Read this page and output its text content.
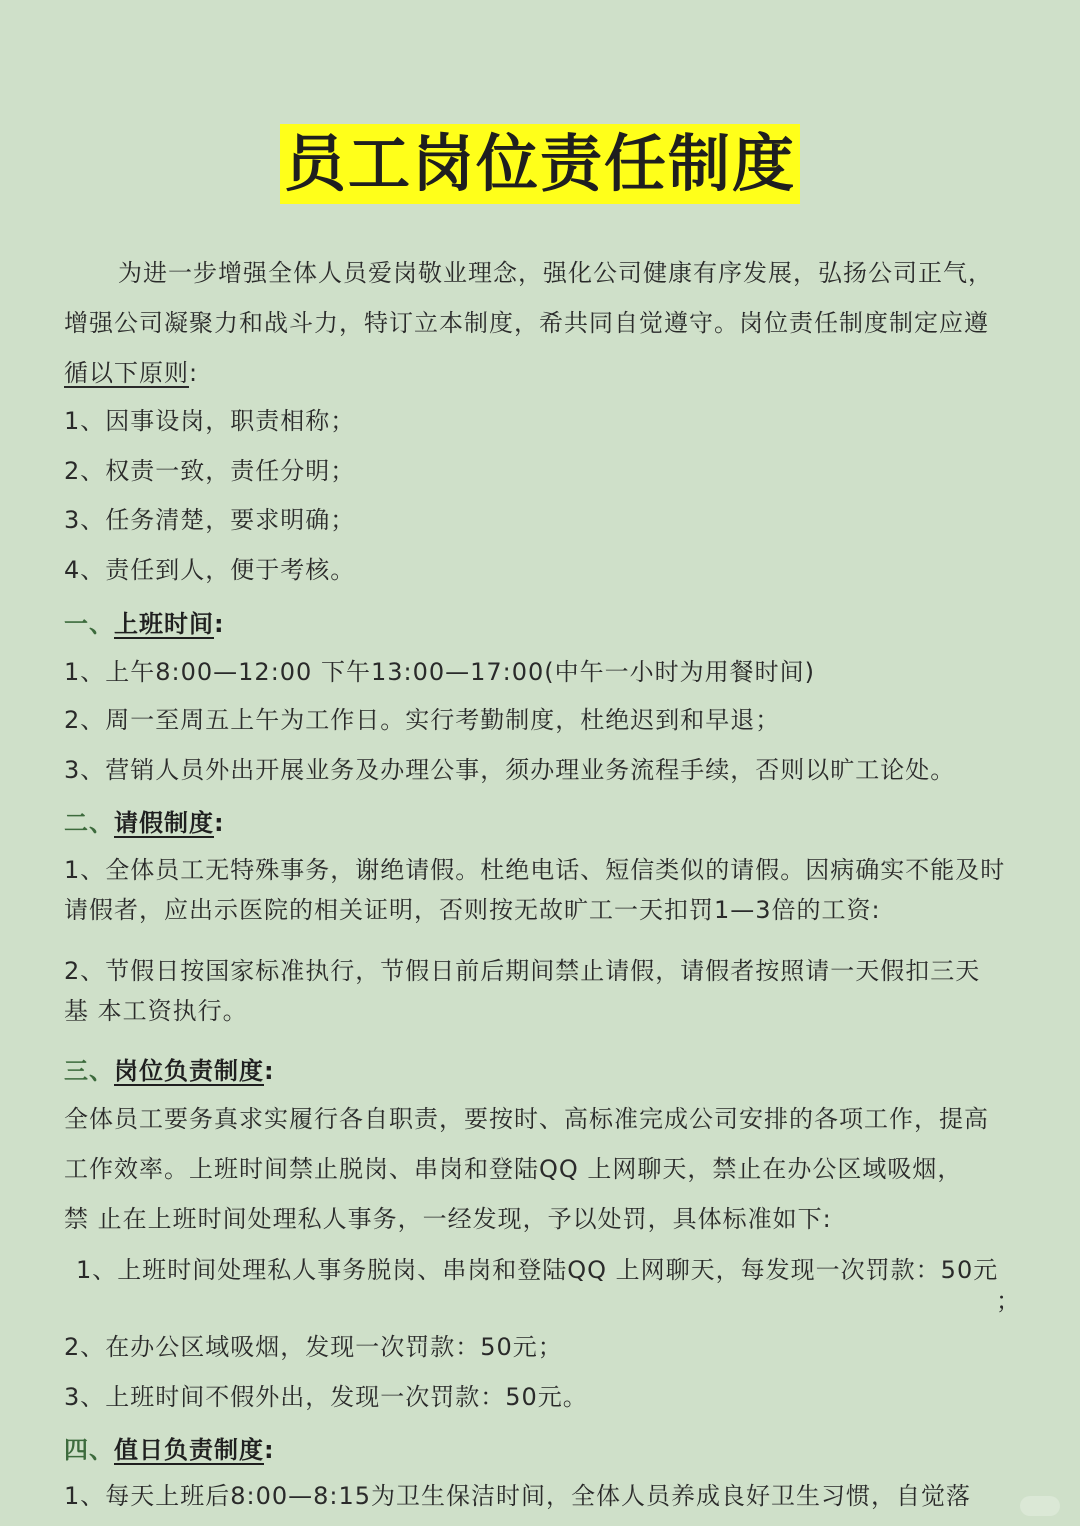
员工岗位责任制度
为进一步增强全体人员爱岗敬业理念，强化公司健康有序发展，弘扬公司正气，
增强公司凝聚力和战斗力，特订立本制度，希共同自觉遵守。岗位责任制度制定应遵
循以下原则:
1、因事设岗，职责相称；
2、权责一致，责任分明；
3、任务清楚，要求明确；
4、责任到人，便于考核。
一、上班时间:
1、上午8:00—12:00 下午13:00—17:00(中午一小时为用餐时间)
2、周一至周五上午为工作日。实行考勤制度，杜绝迟到和早退；
3、营销人员外出开展业务及办理公事，须办理业务流程手续，否则以旷工论处。
二、请假制度:
1、全体员工无特殊事务，谢绝请假。杜绝电话、短信类似的请假。因病确实不能及时
请假者，应出示医院的相关证明，否则按无故旷工一天扣罚1—3倍的工资:
2、节假日按国家标准执行，节假日前后期间禁止请假，请假者按照请一天假扣三天
基 本工资执行。
三、岗位负责制度:
全体员工要务真求实履行各自职责，要按时、高标准完成公司安排的各项工作，提高
工作效率。上班时间禁止脱岗、串岗和登陆QQ 上网聊天，禁止在办公区域吸烟，
禁 止在上班时间处理私人事务，一经发现，予以处罚，具体标准如下:
1、上班时间处理私人事务脱岗、串岗和登陆QQ 上网聊天，每发现一次罚款：50元
；
2、在办公区域吸烟，发现一次罚款：50元；
3、上班时间不假外出，发现一次罚款：50元。
四、值日负责制度:
1、每天上班后8:00—8:15为卫生保洁时间，全体人员养成良好卫生习惯，自觉落
